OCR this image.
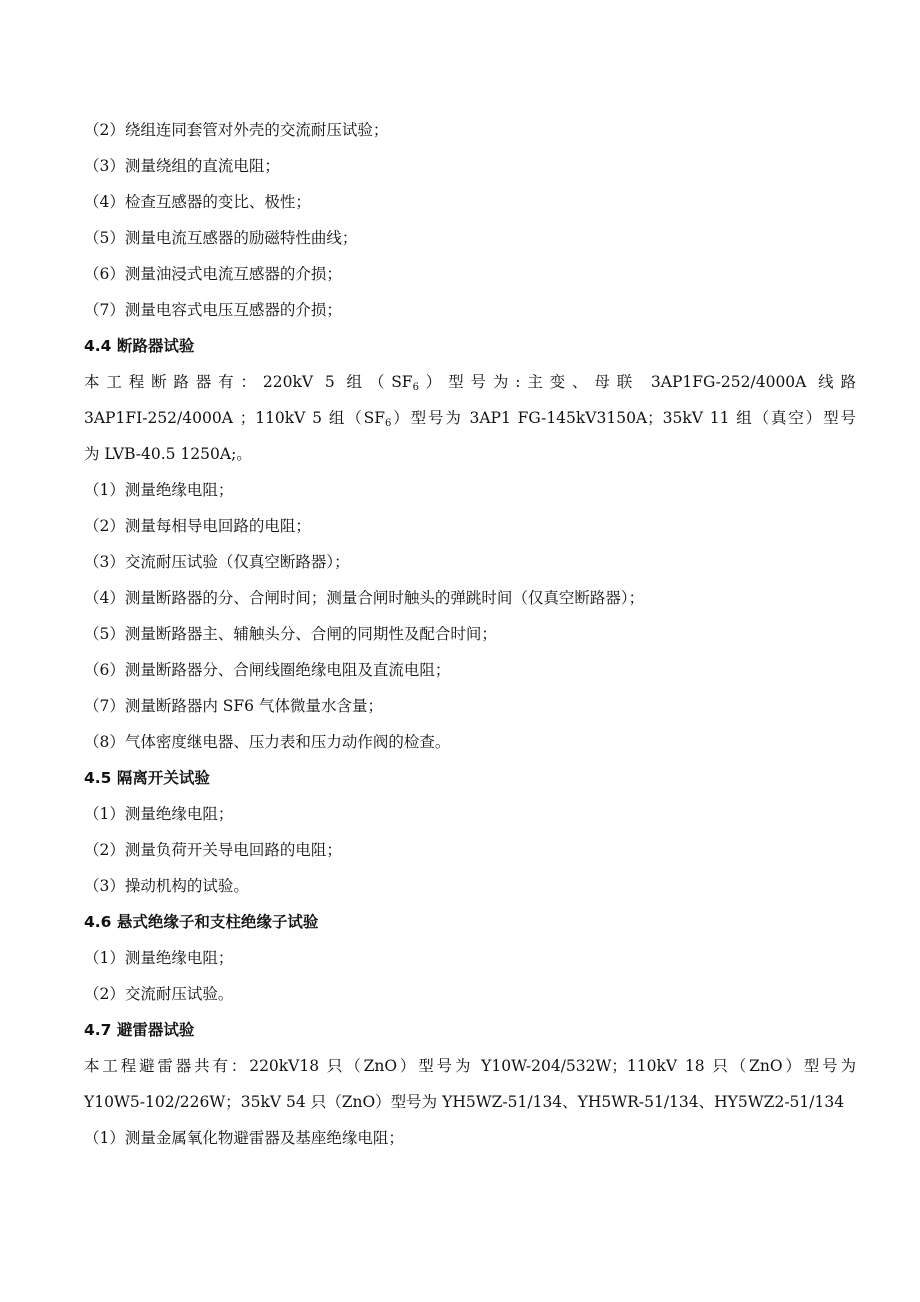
（2）绕组连同套管对外壳的交流耐压试验；
（3）测量绕组的直流电阻；
（4）检查互感器的变比、极性；
（5）测量电流互感器的励磁特性曲线；
（6）测量油浸式电流互感器的介损；
（7）测量电容式电压互感器的介损；
4.4 断路器试验
本工程断路器有：220kV 5 组$(SF_6)$型号为:主变、母联 3AP1FG-252/4000A 线路
3AP1FI-252/4000A ；110kV 5 组$(SF_6)$型号为 3AP1 FG-145kV3150A；35kV 11 组（真空）型号
为 LVB-40.5 1250A;。
（1）测量绝缘电阻；
（2）测量每相导电回路的电阻；
（3）交流耐压试验（仅真空断路器）；
（4）测量断路器的分、合闸时间；测量合闸时触头的弹跳时间（仅真空断路器）；
（5）测量断路器主、辅触头分、合闸的同期性及配合时间；
（6）测量断路器分、合闸线圈绝缘电阻及直流电阻；
（7）测量断路器内 SF6 气体微量水含量；
（8）气体密度继电器、压力表和压力动作阀的检查。
4.5 隔离开关试验
（1）测量绝缘电阻；
（2）测量负荷开关导电回路的电阻；
（3）操动机构的试验。
4.6 悬式绝缘子和支柱绝缘子试验
（1）测量绝缘电阻；
（2）交流耐压试验。
4.7 避雷器试验
本工程避雷器共有：220kV18 只（ZnO）型号为 Y10W-204/532W；110kV 18 只（ZnO）型号为
Y10W5-102/226W；35kV 54 只（ZnO）型号为 YH5WZ-51/134、YH5WR-51/134、HY5WZ2-51/134
（1）测量金属氧化物避雷器及基座绝缘电阻；
